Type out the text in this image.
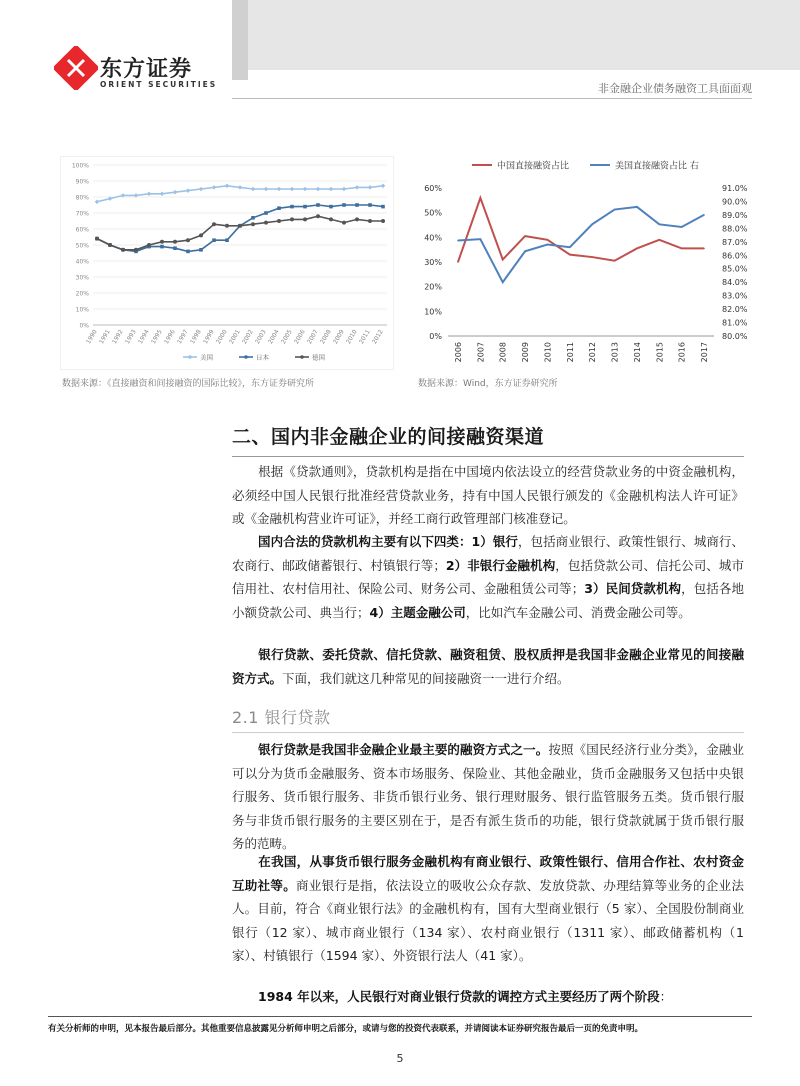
东方证券
ORIENT SECURITIES	非金融企业债务融资工具面面观
0%
10%
20%
30%
40%
50%
60%
70%
80%
90%
100%
1990 1991 1992 1993 1994 1995 1996 1997 1998 1999 2000 2001 2002 2003 2004 2005 2006 2007 2008 2009 2010 2011 2012
美国	日本	德国
数据来源：《直接融资和间接融资的国际比较》，东方证券研究所
0%
10%
20%
30%
40%
50%
60%
80.0%
81.0%
82.0%
83.0%
84.0%
85.0%
86.0%
87.0%
88.0%
89.0%
90.0%
91.0%
2006 2007 2008 2009 2010 2011 2012 2013 2014 2015 2016 2017
中国直接融资占比	美国直接融资占比 右
数据来源：Wind，东方证券研究所
二、国内非金融企业的间接融资渠道
根据《贷款通则》，贷款机构是指在中国境内依法设立的经营贷款业务的中资金融机构，必须经中国人民银行批准经营贷款业务，持有中国人民银行颁发的《金融机构法人许可证》或《金融机构营业许可证》，并经工商行政管理部门核准登记。
国内合法的贷款机构主要有以下四类：1）银行，包括商业银行、政策性银行、城商行、农商行、邮政储蓄银行、村镇银行等；2）非银行金融机构，包括贷款公司、信托公司、城市信用社、农村信用社、保险公司、财务公司、金融租赁公司等；3）民间贷款机构，包括各地小额贷款公司、典当行；4）主题金融公司，比如汽车金融公司、消费金融公司等。
银行贷款、委托贷款、信托贷款、融资租赁、股权质押是我国非金融企业常见的间接融资方式。下面，我们就这几种常见的间接融资一一进行介绍。
2.1 银行贷款
银行贷款是我国非金融企业最主要的融资方式之一。按照《国民经济行业分类》，金融业可以分为货币金融服务、资本市场服务、保险业、其他金融业，货币金融服务又包括中央银行服务、货币银行服务、非货币银行业务、银行理财服务、银行监管服务五类。货币银行服务与非货币银行服务的主要区别在于，是否有派生货币的功能，银行贷款就属于货币银行服务的范畴。
在我国，从事货币银行服务金融机构有商业银行、政策性银行、信用合作社、农村资金互助社等。商业银行是指，依法设立的吸收公众存款、发放贷款、办理结算等业务的企业法人。目前，符合《商业银行法》的金融机构有，国有大型商业银行（5 家）、全国股份制商业银行（12 家）、城市商业银行（134 家）、农村商业银行（1311 家）、邮政储蓄机构（1 家）、村镇银行（1594 家）、外资银行法人（41 家）。
1984 年以来，人民银行对商业银行贷款的调控方式主要经历了两个阶段：
有关分析师的申明，见本报告最后部分。其他重要信息披露见分析师申明之后部分，或请与您的投资代表联系，并请阅读本证券研究报告最后一页的免责申明。
5
